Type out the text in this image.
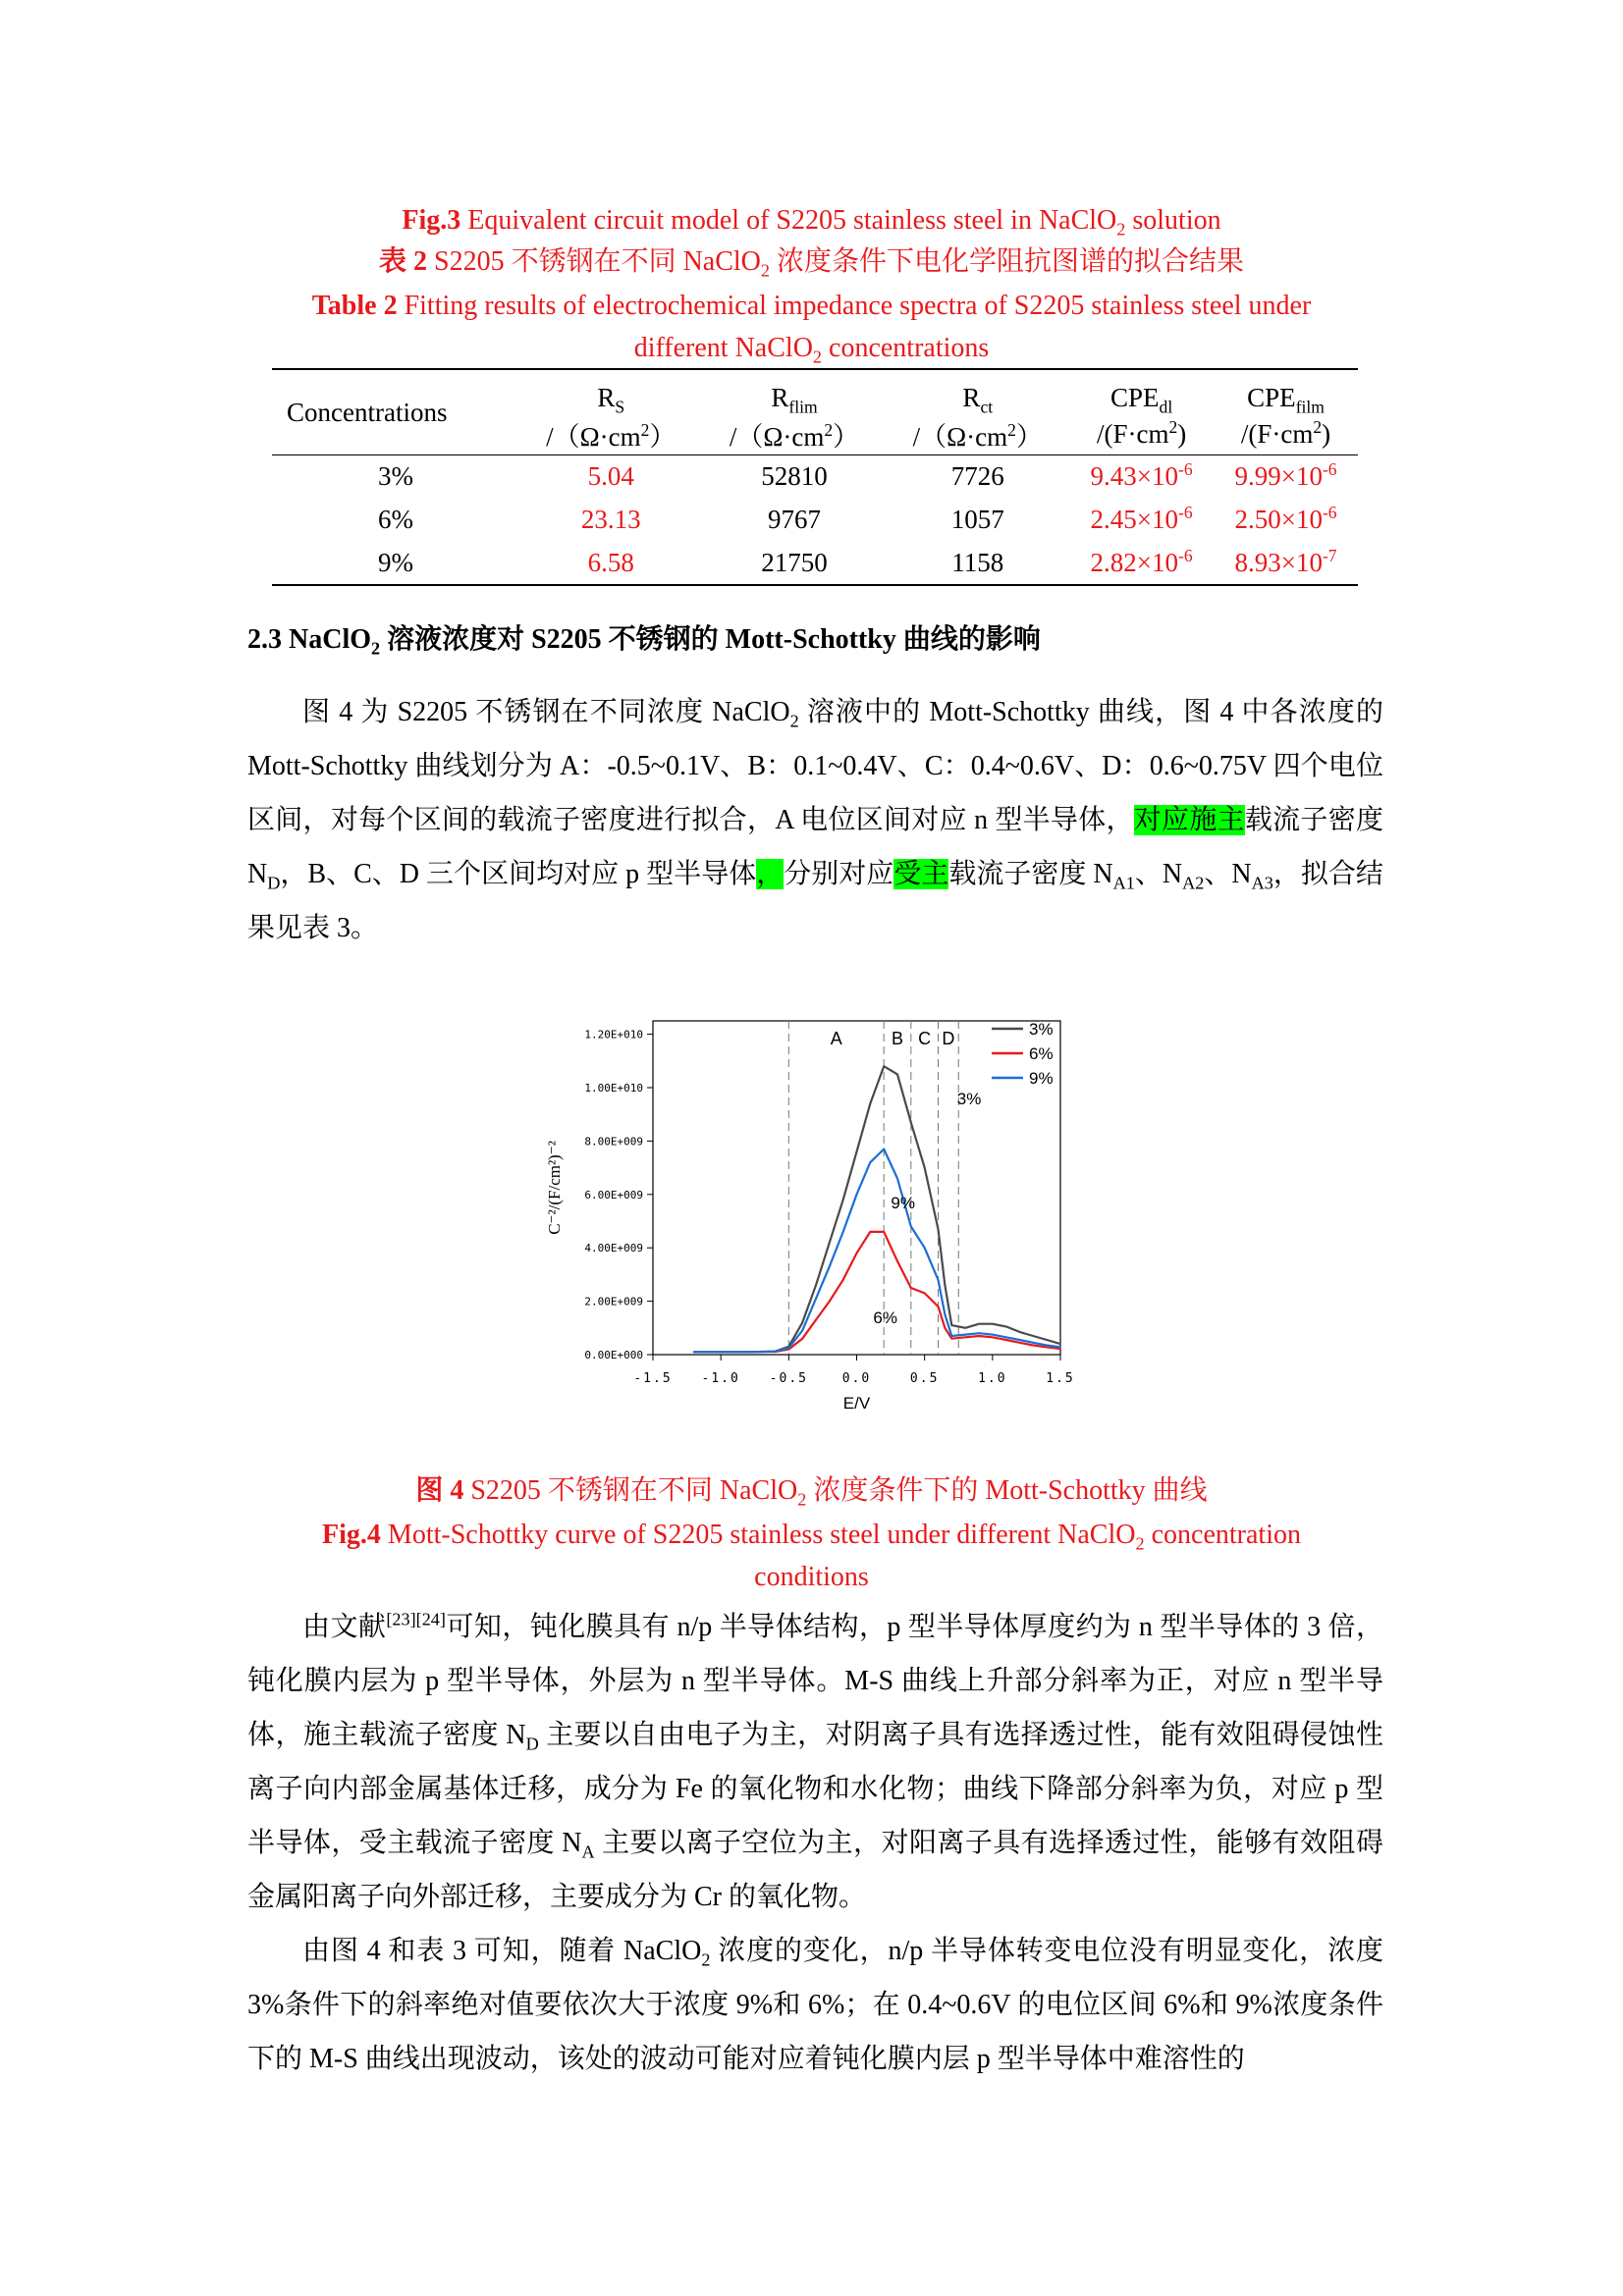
Fig.3 Equivalent circuit model of S2205 stainless steel in NaClO$_2$ solution
表 2 S2205 不锈钢在不同 NaClO$_2$ 浓度条件下电化学阻抗图谱的拟合结果
Table 2 Fitting results of electrochemical impedance spectra of S2205 stainless steel under
different NaClO$_2$ concentrations
Concentrations	$R_S$	$R_{flim}$	$R_{ct}$	$CPE_{dl}$	$CPE_{film}$
	$/(\Omega\cdot cm^2)$	$/(\Omega\cdot cm^2)$	$/(\Omega\cdot cm^2)$	$/(F\cdot cm^2)$	$/(F\cdot cm^2)$
3%	5.04	52810	7726	$9.43\times 10^{-6}$	$9.99\times 10^{-6}$
6%	23.13	9767	1057	$2.45\times 10^{-6}$	$2.50\times 10^{-6}$
9%	6.58	21750	1158	$2.82\times 10^{-6}$	$8.93\times 10^{-7}$
2.3 NaClO$_2$ 溶液浓度对 S2205 不锈钢的 Mott-Schottky 曲线的影响

图 4 为 S2205 不锈钢在不同浓度 NaClO$_2$ 溶液中的 Mott-Schottky 曲线，图 4 中各浓度的 Mott-Schottky 曲线划分为 A：-0.5~0.1V、B：0.1~0.4V、C：0.4~0.6V、D：0.6~0.75V 四个电位区间，对每个区间的载流子密度进行拟合，A 电位区间对应 n 型半导体，对应施主载流子密度 $N_D$，B、C、D 三个区间均对应 p 型半导体，分别对应受主载流子密度 $N_{A1}$、$N_{A2}$、$N_{A3}$，拟合结果见表 3。

-1.5 -1.0 -0.5	0.0	0.5	1.0	1.5
0.00E+000
2.00E+009
4.00E+009
6.00E+009
8.00E+009
1.00E+010
1.20E+010
E/V
C⁻²/(F/cm²)⁻²
A	B C D	3%
6%
9%
3%
9%
6%
图 4 S2205 不锈钢在不同 NaClO$_2$ 浓度条件下的 Mott-Schottky 曲线
Fig.4 Mott-Schottky curve of S2205 stainless steel under different NaClO$_2$ concentration
conditions

由文献[23][24]可知，钝化膜具有 n/p 半导体结构，p 型半导体厚度约为 n 型半导体的 3 倍，钝化膜内层为 p 型半导体，外层为 n 型半导体。M-S 曲线上升部分斜率为正，对应 n 型半导体，施主载流子密度 $N_D$ 主要以自由电子为主，对阴离子具有选择透过性，能有效阻碍侵蚀性离子向内部金属基体迁移，成分为 Fe 的氧化物和水化物；曲线下降部分斜率为负，对应 p 型半导体，受主载流子密度 $N_A$ 主要以离子空位为主，对阳离子具有选择透过性，能够有效阻碍金属阳离子向外部迁移，主要成分为 Cr 的氧化物。

由图 4 和表 3 可知，随着 NaClO$_2$ 浓度的变化，n/p 半导体转变电位没有明显变化，浓度 3%条件下的斜率绝对值要依次大于浓度 9%和 6%；在 0.4~0.6V 的电位区间 6%和 9%浓度条件下的 M-S 曲线出现波动，该处的波动可能对应着钝化膜内层 p 型半导体中难溶性的
